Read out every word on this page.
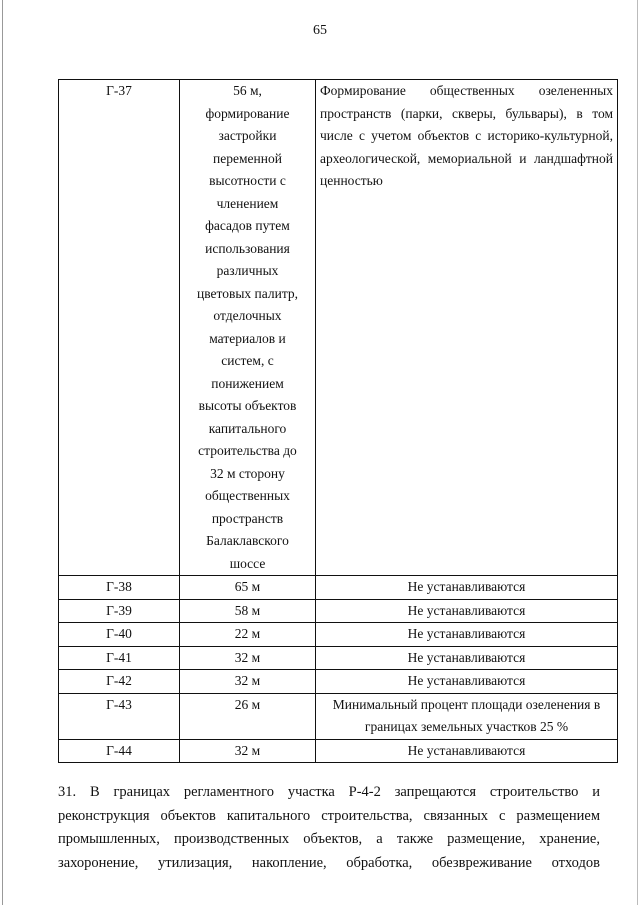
65
Г-37	56 м, формирование застройки переменной высотности с членением фасадов путем использования различных цветовых палитр, отделочных материалов и систем, с понижением высоты объектов капитального строительства до 32 м сторону общественных пространств Балаклавского шоссе	Формирование общественных озелененных пространств (парки, скверы, бульвары), в том числе с учетом объектов с историко-культурной, археологической, мемориальной и ландшафтной ценностью
Г-38	65 м	Не устанавливаются
Г-39	58 м	Не устанавливаются
Г-40	22 м	Не устанавливаются
Г-41	32 м	Не устанавливаются
Г-42	32 м	Не устанавливаются
Г-43	26 м	Минимальный процент площади озеленения в границах земельных участков 25 %
Г-44	32 м	Не устанавливаются
31. В границах регламентного участка Р-4-2 запрещаются строительство и
реконструкция объектов капитального строительства, связанных с размещением
промышленных, производственных объектов, а также размещение, хранение,
захоронение, утилизация, накопление, обработка, обезвреживание отходов
